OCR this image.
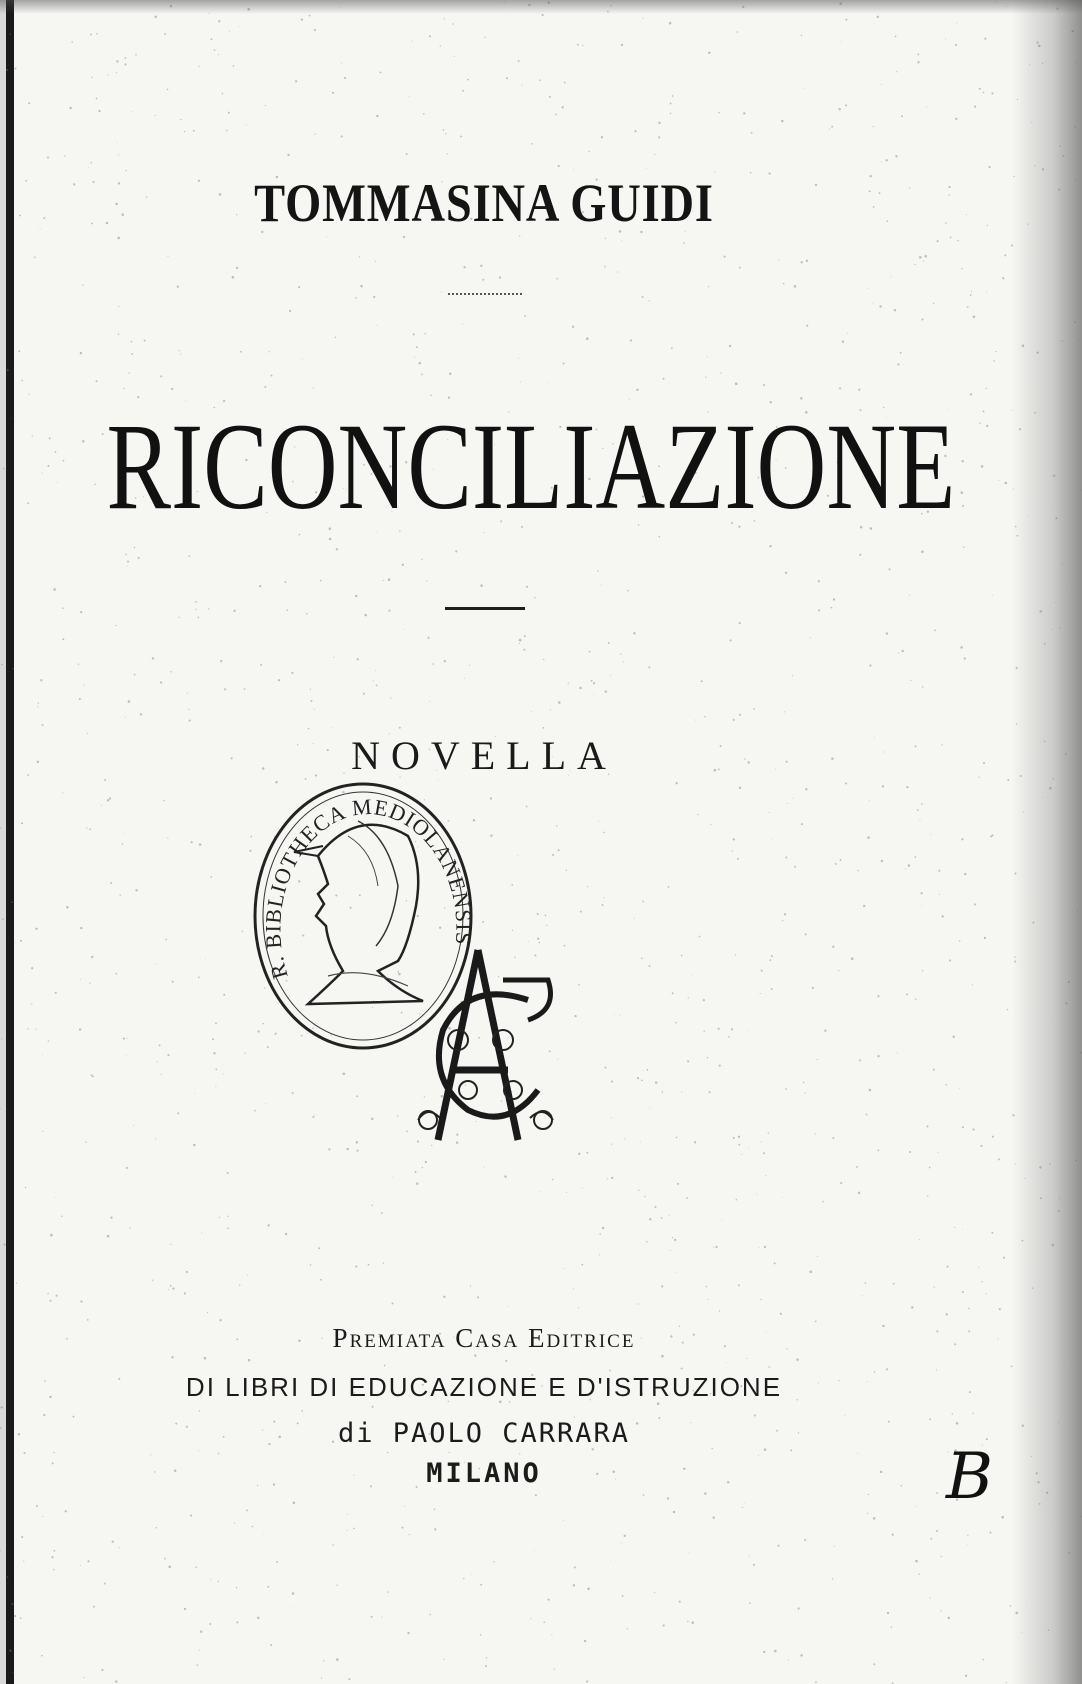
TOMMASINA GUIDI
RICONCILIAZIONE
NOVELLA
R. BIBLIOTHECA MEDIOLANENSIS
Premiata Casa Editrice
DI LIBRI DI EDUCAZIONE E D'ISTRUZIONE
di PAOLO CARRARA
MILANO	B
